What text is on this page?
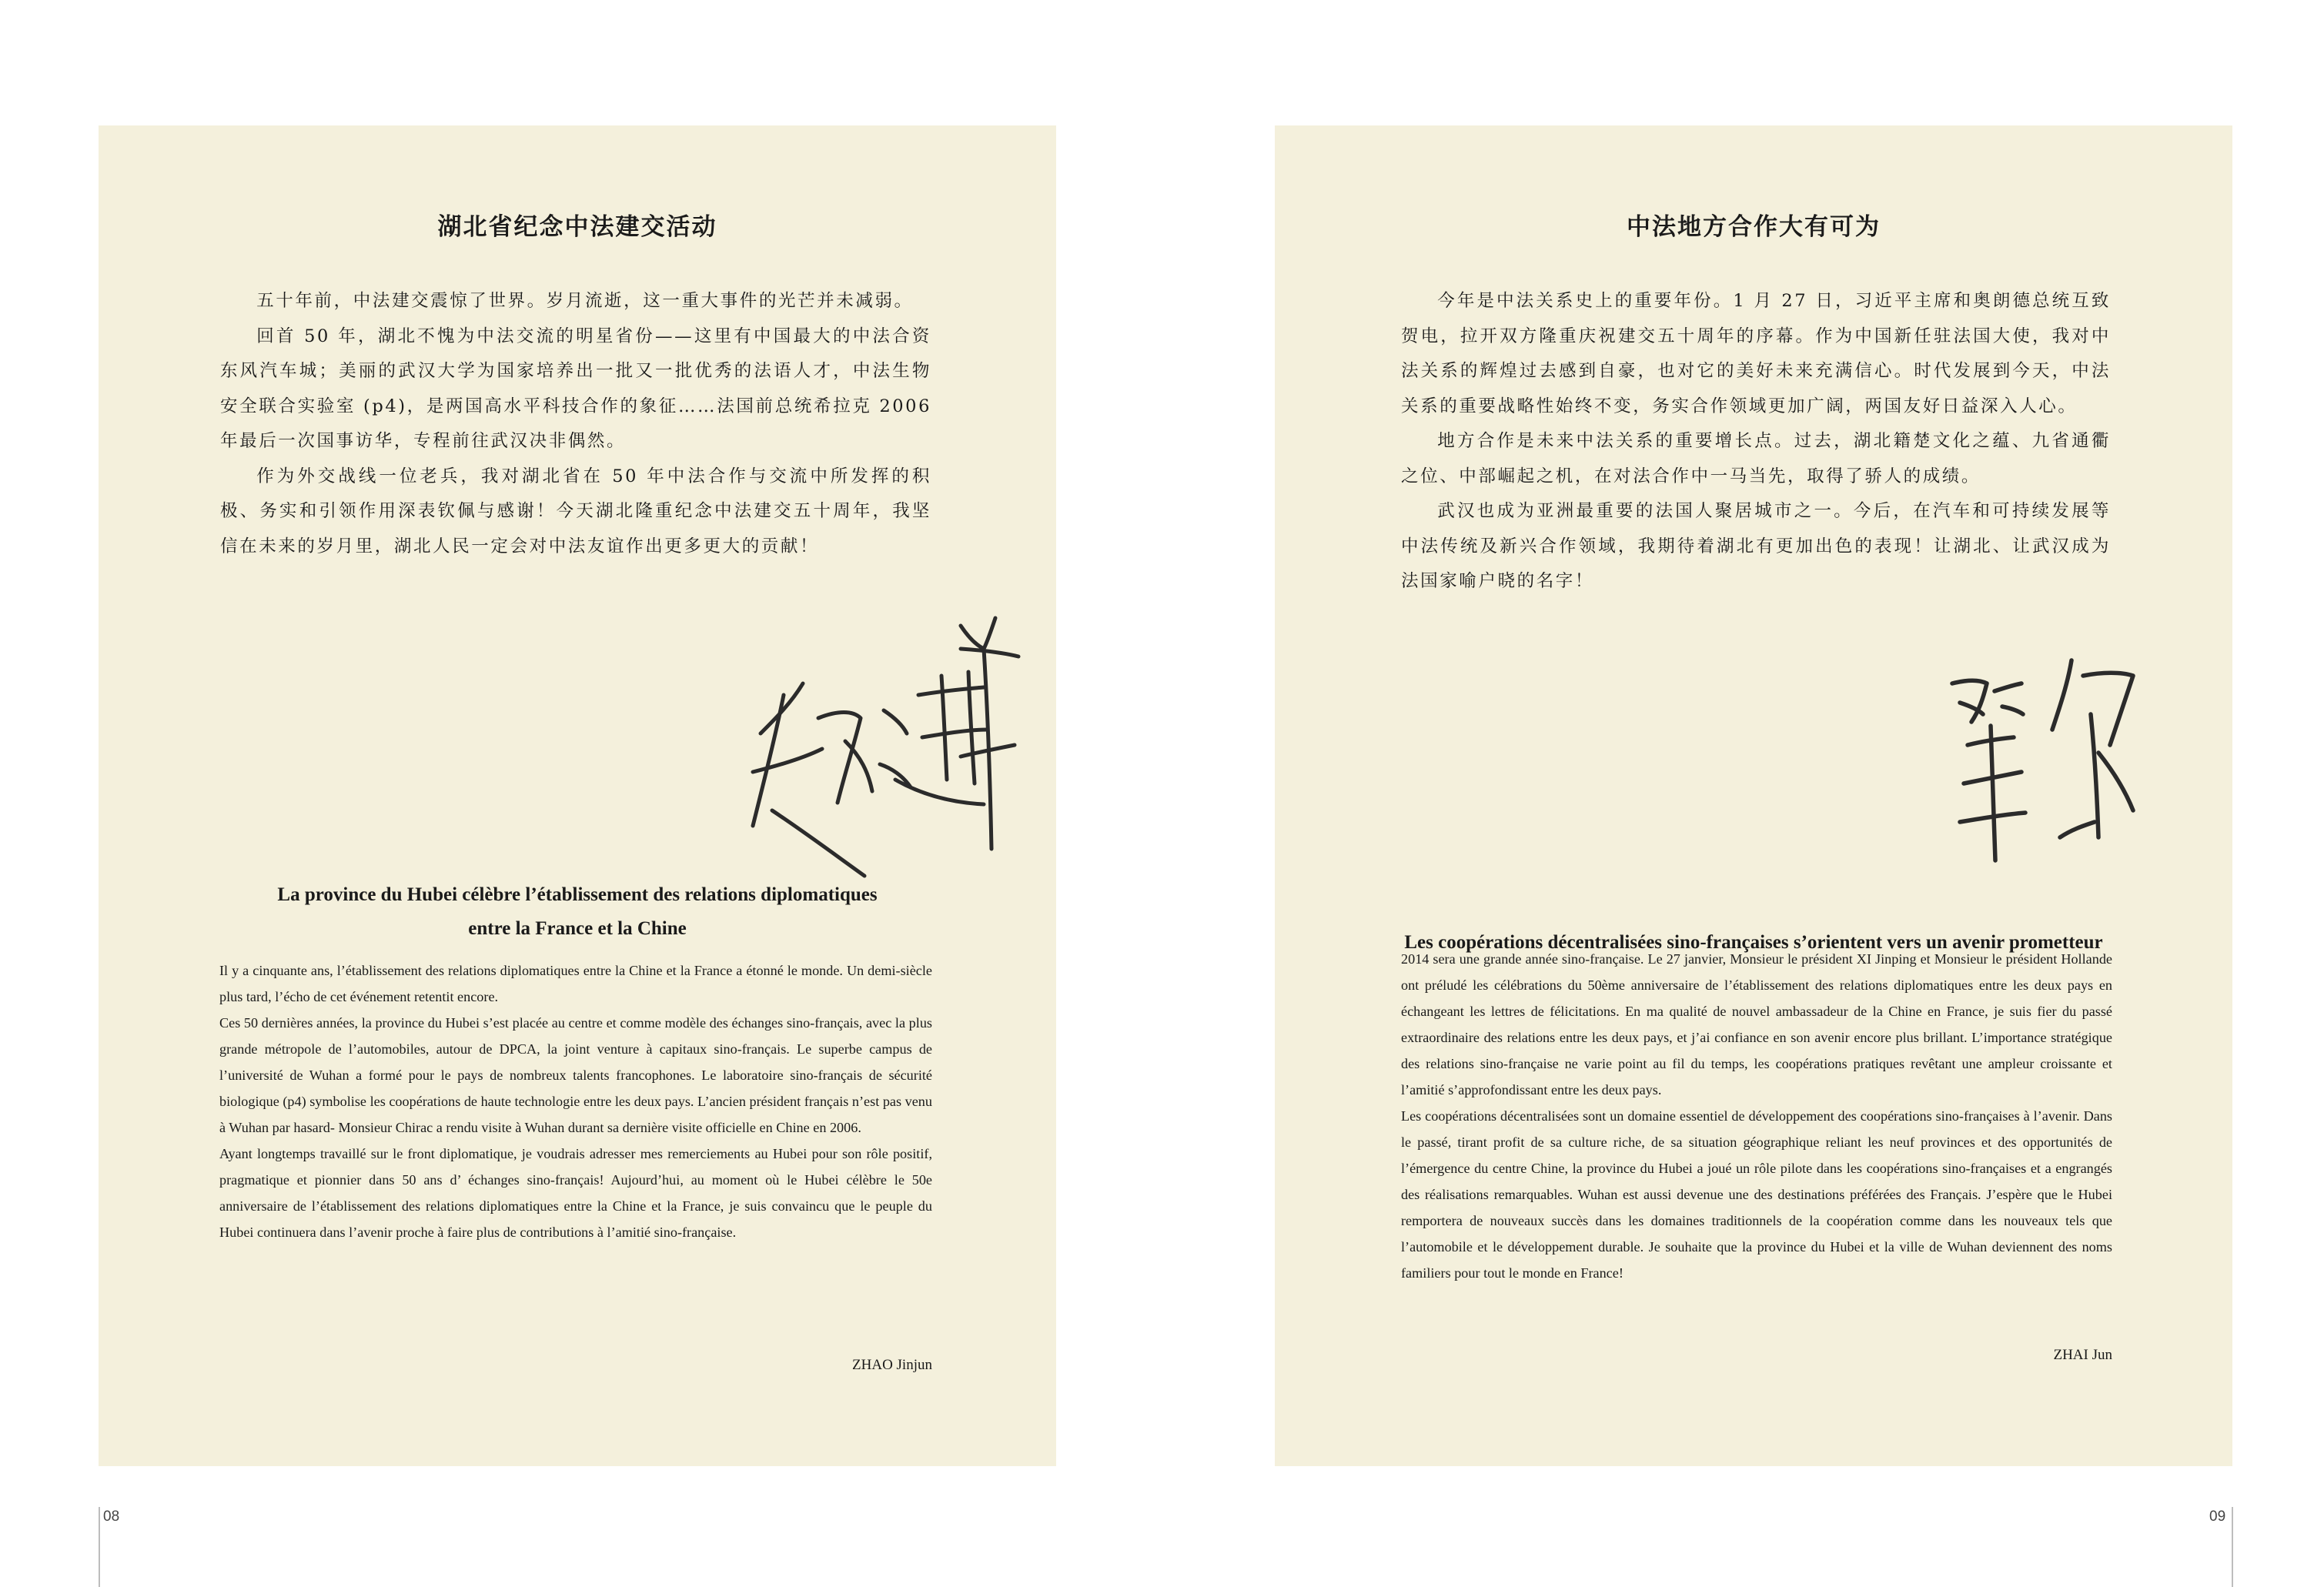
湖北省纪念中法建交活动

五十年前，中法建交震惊了世界。岁月流逝，这一重大事件的光芒并未减弱。

回首 50 年，湖北不愧为中法交流的明星省份——这里有中国最大的中法合资东风汽车城；美丽的武汉大学为国家培养出一批又一批优秀的法语人才，中法生物安全联合实验室 (p4)，是两国高水平科技合作的象征……法国前总统希拉克 2006 年最后一次国事访华，专程前往武汉决非偶然。

作为外交战线一位老兵，我对湖北省在 50 年中法合作与交流中所发挥的积极、务实和引领作用深表钦佩与感谢！今天湖北隆重纪念中法建交五十周年，我坚信在未来的岁月里，湖北人民一定会对中法友谊作出更多更大的贡献！

La province du Hubei célèbre l’établissement des relations diplomatiques
entre la France et la Chine

Il y a cinquante ans, l’établissement des relations diplomatiques entre la Chine et la France a étonné le monde. Un demi-siècle plus tard, l’écho de cet événement retentit encore.

Ces 50 dernières années, la province du Hubei s’est placée au centre et comme modèle des échanges sino-français, avec la plus grande métropole de l’automobiles, autour de DPCA, la joint venture à capitaux sino-français. Le superbe campus de l’université de Wuhan a formé pour le pays de nombreux talents francophones. Le laboratoire sino-français de sécurité biologique (p4) symbolise les coopérations de haute technologie entre les deux pays. L’ancien président français n’est pas venu à Wuhan par hasard- Monsieur Chirac a rendu visite à Wuhan durant sa dernière visite officielle en Chine en 2006.

Ayant longtemps travaillé sur le front diplomatique, je voudrais adresser mes remerciements au Hubei pour son rôle positif, pragmatique et pionnier dans 50 ans d’ échanges sino-français! Aujourd’hui, au moment où le Hubei célèbre le 50e anniversaire de l’établissement des relations diplomatiques entre la Chine et la France, je suis convaincu que le peuple du Hubei continuera dans l’avenir proche à faire plus de contributions à l’amitié sino-française.

ZHAO Jinjun
08
中法地方合作大有可为

今年是中法关系史上的重要年份。1 月 27 日，习近平主席和奥朗德总统互致贺电，拉开双方隆重庆祝建交五十周年的序幕。作为中国新任驻法国大使，我对中法关系的辉煌过去感到自豪，也对它的美好未来充满信心。时代发展到今天，中法关系的重要战略性始终不变，务实合作领域更加广阔，两国友好日益深入人心。

地方合作是未来中法关系的重要增长点。过去，湖北籍楚文化之蕴、九省通衢之位、中部崛起之机，在对法合作中一马当先，取得了骄人的成绩。

武汉也成为亚洲最重要的法国人聚居城市之一。今后，在汽车和可持续发展等中法传统及新兴合作领域，我期待着湖北有更加出色的表现！让湖北、让武汉成为法国家喻户晓的名字！

Les coopérations décentralisées sino-françaises s’orientent vers un avenir prometteur

2014 sera une grande année sino-française. Le 27 janvier, Monsieur le président XI Jinping et Monsieur le président Hollande ont préludé les célébrations du 50ème anniversaire de l’établissement des relations diplomatiques entre les deux pays en échangeant les lettres de félicitations. En ma qualité de nouvel ambassadeur de la Chine en France, je suis fier du passé extraordinaire des relations entre les deux pays, et j’ai confiance en son avenir encore plus brillant. L’importance stratégique des relations sino-française ne varie point au fil du temps, les coopérations pratiques revêtant une ampleur croissante et l’amitié s’approfondissant entre les deux pays.

Les coopérations décentralisées sont un domaine essentiel de développement des coopérations sino-françaises à l’avenir. Dans le passé, tirant profit de sa culture riche, de sa situation géographique reliant les neuf provinces et des opportunités de l’émergence du centre Chine, la province du Hubei a joué un rôle pilote dans les coopérations sino-françaises et a engrangés des réalisations remarquables. Wuhan est aussi devenue une des destinations préférées des Français. J’espère que le Hubei remportera de nouveaux succès dans les domaines traditionnels de la coopération comme dans les nouveaux tels que l’automobile et le développement durable. Je souhaite que la province du Hubei et la ville de Wuhan deviennent des noms familiers pour tout le monde en France!

ZHAI Jun
09
